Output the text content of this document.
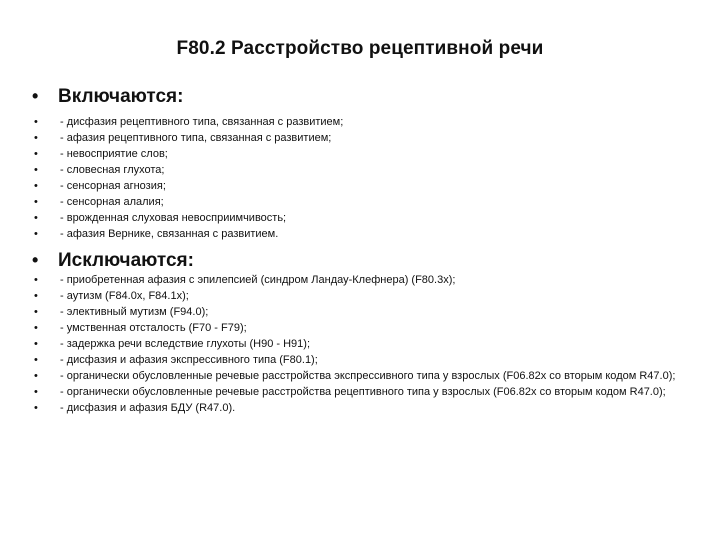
F80.2 Расстройство рецептивной речи
• Включаются:
• - дисфазия рецептивного типа, связанная с развитием;
• - афазия рецептивного типа, связанная с развитием;
• - невосприятие слов;
• - словесная глухота;
• - сенсорная агнозия;
• - сенсорная алалия;
• - врожденная слуховая невосприимчивость;
• - афазия Вернике, связанная с развитием.
• Исключаются:
• - приобретенная афазия с эпилепсией (синдром Ландау-Клефнера) (F80.3x);
• - аутизм (F84.0x, F84.1x);
• - элективный мутизм (F94.0);
• - умственная отсталость (F70 - F79);
• - задержка речи вследствие глухоты (H90 - H91);
• - дисфазия и афазия экспрессивного типа (F80.1);
• - органически обусловленные речевые расстройства экспрессивного типа у взрослых (F06.82х со вторым кодом R47.0);
• - органически обусловленные речевые расстройства рецептивного типа у взрослых (F06.82х со вторым кодом R47.0);
• - дисфазия и афазия БДУ (R47.0).
